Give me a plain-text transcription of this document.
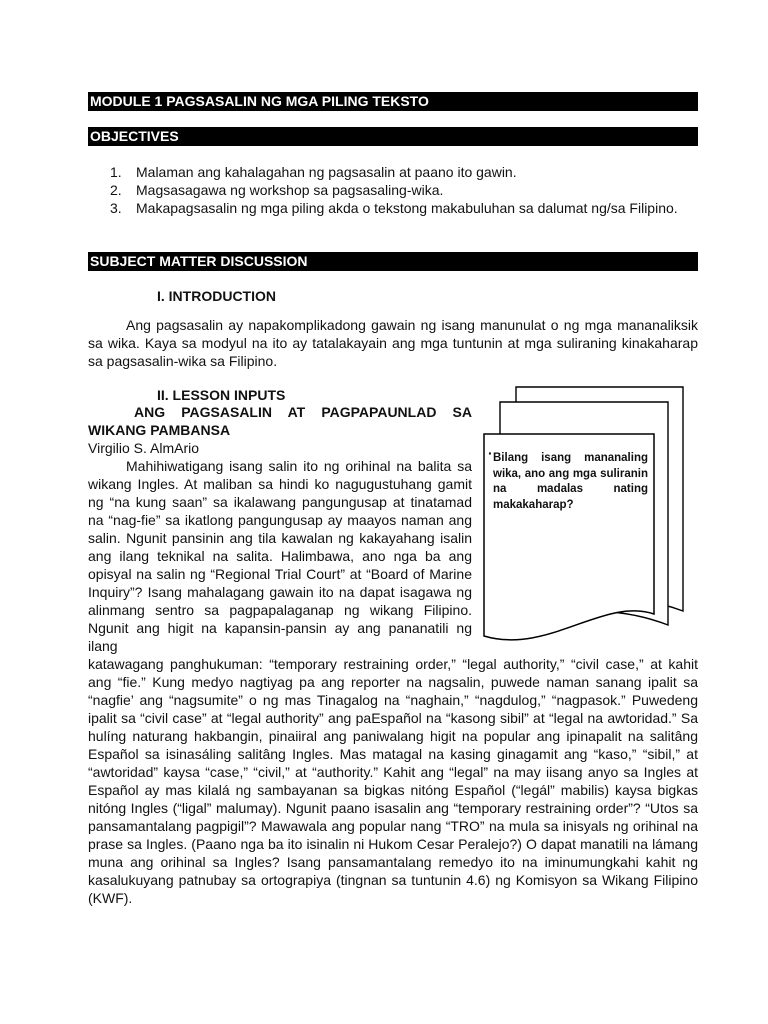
MODULE 1 PAGSASALIN NG MGA PILING TEKSTO
OBJECTIVES
1. Malaman ang kahalagahan ng pagsasalin at paano ito gawin.
2. Magsasagawa ng workshop sa pagsasaling-wika.
3. Makapagsasalin ng mga piling akda o tekstong makabuluhan sa dalumat ng/sa Filipino.
SUBJECT MATTER DISCUSSION
I. INTRODUCTION

Ang pagsasalin ay napakomplikadong gawain ng isang manunulat o ng mga mananaliksik sa wika. Kaya sa modyul na ito ay tatalakayain ang mga tuntunin at mga suliraning kinakaharap sa pagsasalin-wika sa Filipino.

II. LESSON INPUTS
ANG PAGSASALIN AT PAGPAPAUNLAD SA WIKANG PAMBANSA
Virgilio S. AlmArio

Mahihiwatigang isang salin ito ng orihinal na balita sa wikang Ingles. At maliban sa hindi ko nagugustuhang gamit ng “na kung saan” sa ikalawang pangungusap at tinatamad na “nag-fie” sa ikatlong pangungusap ay maayos naman ang salin. Ngunit pansinin ang tila kawalan ng kakayahang isalin ang ilang teknikal na salita. Halimbawa, ano nga ba ang opisyal na salin ng “Regional Trial Court” at “Board of Marine Inquiry”? Isang mahalagang gawain ito na dapat isagawa ng alinmang sentro sa pagpapalaganap ng wikang Filipino. Ngunit ang higit na kapansin-pansin ay ang pananatili ng ilang

katawagang panghukuman: “temporary restraining order,” “legal authority,” “civil case,” at kahit ang “fie.” Kung medyo nagtiyag pa ang reporter na nagsalin, puwede naman sanang ipalit sa “nagfie’ ang “nagsumite” o ng mas Tinagalog na “naghain,” “nagdulog,” “nagpasok.” Puwedeng ipalit sa “civil case” at “legal authority” ang paEspañol na “kasong sibil” at “legal na awtoridad.” Sa hulíng naturang hakbangin, pinaiiral ang paniwalang higit na popular ang ipinapalit na salitâng Español sa isinasáling salitâng Ingles. Mas matagal na kasing ginagamit ang “kaso,” “sibil,” at “awtoridad” kaysa “case,” “civil,” at “authority.” Kahit ang “legal” na may iisang anyo sa Ingles at Español ay mas kilalá ng sambayanan sa bigkas nitóng Español (“legál” mabilis) kaysa bigkas nitóng Ingles (“ligal” malumay). Ngunit paano isasalin ang “temporary restraining order”? “Utos sa pansamantalang pagpigil”? Mawawala ang popular nang “TRO” na mula sa inisyals ng orihinal na prase sa Ingles. (Paano nga ba ito isinalin ni Hukom Cesar Peralejo?) O dapat manatili na lámang muna ang orihinal sa Ingles? Isang pansamantalang remedyo ito na iminumungkahi kahit ng kasalukuyang patnubay sa ortograpiya (tingnan sa tuntunin 4.6) ng Komisyon sa Wikang Filipino (KWF).

· Bilang isang mananaling wika, ano ang mga suliranin na madalas nating makakaharap?
